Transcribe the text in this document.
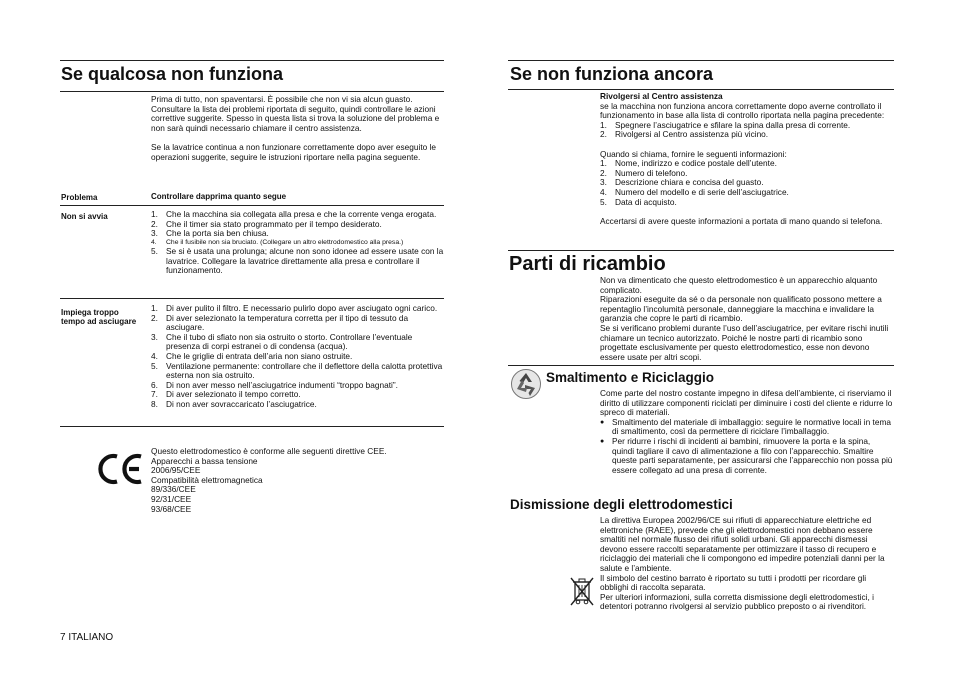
Se qualcosa non funziona

Prima di tutto, non spaventarsi. È possibile che non vi sia alcun guasto. Consultare la lista dei problemi riportata di seguito, quindi controllare le azioni correttive suggerite. Spesso in questa lista si trova la soluzione del problema e non sarà quindi necessario chiamare il centro assistenza.

Se la lavatrice continua a non funzionare correttamente dopo aver eseguito le operazioni suggerite, seguire le istruzioni riportare nella pagina seguente.

Problema	Controllare dapprima quanto segue
Non si avvia	1. Che la macchina sia collegata alla presa e che la corrente venga erogata.
2. Che il timer sia stato programmato per il tempo desiderato.
3. Che la porta sia ben chiusa.
4. Che il fusibile non sia bruciato. (Collegare un altro elettrodomestico alla presa.)
5. Se si è usata una prolunga; alcune non sono idonee ad essere usate con la lavatrice. Collegare la lavatrice direttamente alla presa e controllare il funzionamento.
Impiega troppo tempo ad asciugare
1. Di aver pulito il filtro. E necessario pulirlo dopo aver asciugato ogni carico.
2. Di aver selezionato la temperatura corretta per il tipo di tessuto da asciugare.
3. Che il tubo di sfiato non sia ostruito o storto. Controllare l’eventuale presenza di corpi estranei o di condensa (acqua).
4. Che le griglie di entrata dell’aria non siano ostruite.
5. Ventilazione permanente: controllare che il deflettore della calotta protettiva esterna non sia ostruito.
6. Di non aver messo nell’asciugatrice indumenti “troppo bagnati”.
7. Di aver selezionato il tempo corretto.
8. Di non aver sovraccaricato l’asciugatrice.

Questo elettrodomestico è conforme alle seguenti direttive CEE.

Apparecchi a bassa tensione

2006/95/CEE

Compatibilità elettromagnetica

89/336/CEE

92/31/CEE

93/68/CEE

7 ITALIANO
Se non funziona ancora

Rivolgersi al Centro assistenza

se la macchina non funziona ancora correttamente dopo averne controllato il funzionamento in base alla lista di controllo riportata nella pagina precedente:

1. Spegnere l’asciugatrice e sfilare la spina dalla presa di corrente.
2. Rivolgersi al Centro assistenza più vicino.

Quando si chiama, fornire le seguenti informazioni:

1. Nome, indirizzo e codice postale dell’utente.
2. Numero di telefono.
3. Descrizione chiara e concisa del guasto.
4. Numero del modello e di serie dell’asciugatrice.
5. Data di acquisto.

Accertarsi di avere queste informazioni a portata di mano quando si telefona.

Parti di ricambio
Non va dimenticato che questo elettrodomestico è un apparecchio alquanto complicato.
Riparazioni eseguite da sé o da personale non qualificato possono mettere a repentaglio l’incolumità personale, danneggiare la macchina e invalidare la garanzia che copre le parti di ricambio.
Se si verificano problemi durante l’uso dell’asciugatrice, per evitare rischi inutili chiamare un tecnico autorizzato. Poiché le nostre parti di ricambio sono progettate esclusivamente per questo elettrodomestico, esse non devono essere usate per altri scopi.
Smaltimento e Riciclaggio

Come parte del nostro costante impegno in difesa dell’ambiente, ci riserviamo il diritto di utilizzare componenti riciclati per diminuire i costi del cliente e ridurre lo spreco di materiali.

● Smaltimento del materiale di imballaggio: seguire le normative locali in tema di smaltimento, così da permettere di riciclare l’imballaggio.
● Per ridurre i rischi di incidenti ai bambini, rimuovere la porta e la spina, quindi tagliare il cavo di alimentazione a filo con l’apparecchio. Smaltire queste parti separatamente, per assicurarsi che l’apparecchio non possa più essere collegato ad una presa di corrente.
Dismissione degli elettrodomestici

La direttiva Europea 2002/96/CE sui rifiuti di apparecchiature elettriche ed elettroniche (RAEE), prevede che gli elettrodomestici non debbano essere smaltiti nel normale flusso dei rifiuti solidi urbani. Gli apparecchi dismessi devono essere raccolti separatamente per ottimizzare il tasso di recupero e riciclaggio dei materiali che li compongono ed impedire potenziali danni per la salute e l’ambiente.

Il simbolo del cestino barrato è riportato su tutti i prodotti per ricordare gli obblighi di raccolta separata.

Per ulteriori informazioni, sulla corretta dismissione degli elettrodomestici, i detentori potranno rivolgersi al servizio pubblico preposto o ai rivenditori.
